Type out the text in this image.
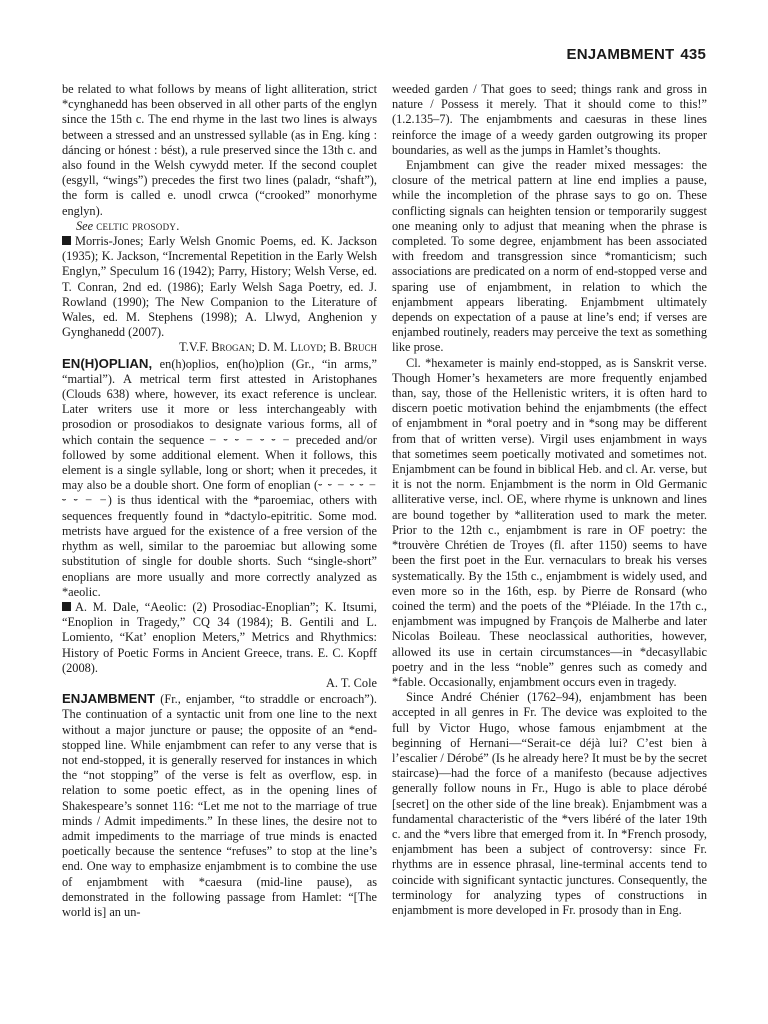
ENJAMBMENT 435

be related to what follows by means of light alliteration, strict *cynghanedd has been observed in all other parts of the englyn since the 15th c. The end rhyme in the last two lines is always between a stressed and an unstressed syllable (as in Eng. kíng : dáncing or hónest : bést), a rule preserved since the 13th c. and also found in the Welsh cywydd meter. If the second couplet (esgyll, “wings”) precedes the first two lines (paladr, “shaft”), the form is called e. unodl crwca (“crooked” monorhyme englyn).

See celtic prosody.

Morris-Jones; Early Welsh Gnomic Poems, ed. K. Jackson (1935); K. Jackson, “Incremental Repetition in the Early Welsh Englyn,” Speculum 16 (1942); Parry, History; Welsh Verse, ed. T. Conran, 2nd ed. (1986); Early Welsh Saga Poetry, ed. J. Rowland (1990); The New Companion to the Literature of Wales, ed. M. Stephens (1998); A. Llwyd, Anghenion y Gynghanedd (2007).

T.V.F. Brogan; D. M. Lloyd; B. Bruch

EN(H)OPLIAN, en(h)oplios, en(ho)plion (Gr., “in arms,” “martial”). A metrical term first attested in Aristophanes (Clouds 638) where, however, its exact reference is unclear. Later writers use it more or less interchangeably with prosodion or prosodiakos to designate various forms, all of which contain the sequence − ⏑ ⏑ − ⏑ ⏑ − preceded and/or followed by some additional element. When it follows, this element is a single syllable, long or short; when it precedes, it may also be a double short. One form of enoplian (⏑ ⏑ − ⏑ ⏑ − ⏑ ⏑ − −) is thus identical with the *paroemiac, others with sequences frequently found in *dactylo-epitritic. Some mod. metrists have argued for the existence of a free version of the rhythm as well, similar to the paroemiac but allowing some substitution of single for double shorts. Such “single-short” enoplians are more usually and more correctly analyzed as *aeolic.

A. M. Dale, “Aeolic: (2) Prosodiac-Enoplian”; K. Itsumi, “Enoplion in Tragedy,” CQ 34 (1984); B. Gentili and L. Lomiento, “Kat’ enoplion Meters,” Metrics and Rhythmics: History of Poetic Forms in Ancient Greece, trans. E. C. Kopff (2008).

A. T. Cole

ENJAMBMENT (Fr., enjamber, “to straddle or encroach”). The continuation of a syntactic unit from one line to the next without a major juncture or pause; the opposite of an *end-stopped line. While enjambment can refer to any verse that is not end-stopped, it is generally reserved for instances in which the “not stopping” of the verse is felt as overflow, esp. in relation to some poetic effect, as in the opening lines of Shakespeare’s sonnet 116: “Let me not to the marriage of true minds / Admit impediments.” In these lines, the desire not to admit impediments to the marriage of true minds is enacted poetically because the sentence “refuses” to stop at the line’s end. One way to emphasize enjambment is to combine the use of enjambment with *caesura (mid-line pause), as demonstrated in the following passage from Hamlet: “[The world is] an un-

weeded garden / That goes to seed; things rank and gross in nature / Possess it merely. That it should come to this!” (1.2.135–7). The enjambments and caesuras in these lines reinforce the image of a weedy garden outgrowing its proper boundaries, as well as the jumps in Hamlet’s thoughts.

Enjambment can give the reader mixed messages: the closure of the metrical pattern at line end implies a pause, while the incompletion of the phrase says to go on. These conflicting signals can heighten tension or temporarily suggest one meaning only to adjust that meaning when the phrase is completed. To some degree, enjambment has been associated with freedom and transgression since *romanticism; such associations are predicated on a norm of end-stopped verse and sparing use of enjambment, in relation to which the enjambment appears liberating. Enjambment ultimately depends on expectation of a pause at line’s end; if verses are enjambed routinely, readers may perceive the text as something like prose.

Cl. *hexameter is mainly end-stopped, as is Sanskrit verse. Though Homer’s hexameters are more frequently enjambed than, say, those of the Hellenistic writers, it is often hard to discern poetic motivation behind the enjambments (the effect of enjambment in *oral poetry and in *song may be different from that of written verse). Virgil uses enjambment in ways that sometimes seem poetically motivated and sometimes not. Enjambment can be found in biblical Heb. and cl. Ar. verse, but it is not the norm. Enjambment is the norm in Old Germanic alliterative verse, incl. OE, where rhyme is unknown and lines are bound together by *alliteration used to mark the meter. Prior to the 12th c., enjambment is rare in OF poetry: the *trouvère Chrétien de Troyes (fl. after 1150) seems to have been the first poet in the Eur. vernaculars to break his verses systematically. By the 15th c., enjambment is widely used, and even more so in the 16th, esp. by Pierre de Ronsard (who coined the term) and the poets of the *Pléiade. In the 17th c., enjambment was impugned by François de Malherbe and later Nicolas Boileau. These neoclassical authorities, however, allowed its use in certain circumstances—in *decasyllabic poetry and in the less “noble” genres such as comedy and *fable. Occasionally, enjambment occurs even in tragedy.

Since André Chénier (1762–94), enjambment has been accepted in all genres in Fr. The device was exploited to the full by Victor Hugo, whose famous enjambment at the beginning of Hernani—“Serait-ce déjà lui? C’est bien à l’escalier / Dérobé” (Is he already here? It must be by the secret staircase)—had the force of a manifesto (because adjectives generally follow nouns in Fr., Hugo is able to place dérobé [secret] on the other side of the line break). Enjambment was a fundamental characteristic of the *vers libéré of the later 19th c. and the *vers libre that emerged from it. In *French prosody, enjambment has been a subject of controversy: since Fr. rhythms are in essence phrasal, line-terminal accents tend to coincide with significant syntactic junctures. Consequently, the terminology for analyzing types of constructions in enjambment is more developed in Fr. prosody than in Eng.
